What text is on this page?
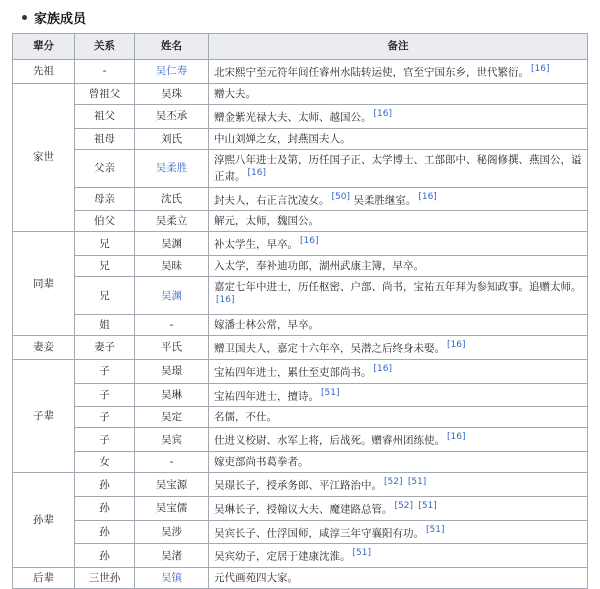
家族成员
辈分	关系	姓名	备注
先祖	-	吴仁寿	北宋熙宁至元符年间任睿州水陆转运使，官至宁国东乡，世代繁衍。 [16]
家世	曾祖父	吴珠	赠大夫。
	祖父	吴丕承	赠金紫光禄大夫、太师、越国公。 [16]
	祖母	刘氏	中山刘婵之女，封燕国夫人。
	父亲	吴柔胜	淳熙八年进士及第，历任国子正、太学博士、工部郎中、秘阁修撰、燕国公，谥正肃。 [16]
	母亲	沈氏	封夫人，右正言沈凌女。 [50] 吴柔胜继室。 [16]
	伯父	吴柔立	解元，太师，魏国公。
同辈	兄	吴渊	补太学生，早卒。 [16]
	兄	吴昧	入太学，奉补迪功郎，湖州武康主簿，早卒。
	兄	吴渊	嘉定七年中进士，历任枢密、户部、尚书，宝祐五年拜为参知政事。追赠太师。[16]
	姐	-	嫁潘士林公常，早卒。
妻妾	妻子	平氏	赠卫国夫人，嘉定十六年卒，吴潜之后终身未娶。 [16]
子辈	子	吴璟	宝祐四年进士，累仕至吏部尚书。 [16]
	子	吴琳	宝祐四年进士，擅诗。 [51]
	子	吴定	名儒，不仕。
	子	吴宾	仕进义校尉、水军上将，后战死。赠睿州团练使。 [16]
	女	-	嫁吏部尚书葛拳者。
孙辈	孙	吴宝源	吴璟长子，授承务郎、平江路治中。 [52] [51]
	孙	吴宝儒	吴琳长子，授翰议大夫、魔建路总管。 [52] [51]
	孙	吴涉	吴宾长子、仕浮国师，咸淳三年守襄阳有功。 [51]
	孙	吴渚	吴宾幼子，定居于建康沈淮。 [51]
后辈	三世孙	吴镇	元代画苑四大家。
